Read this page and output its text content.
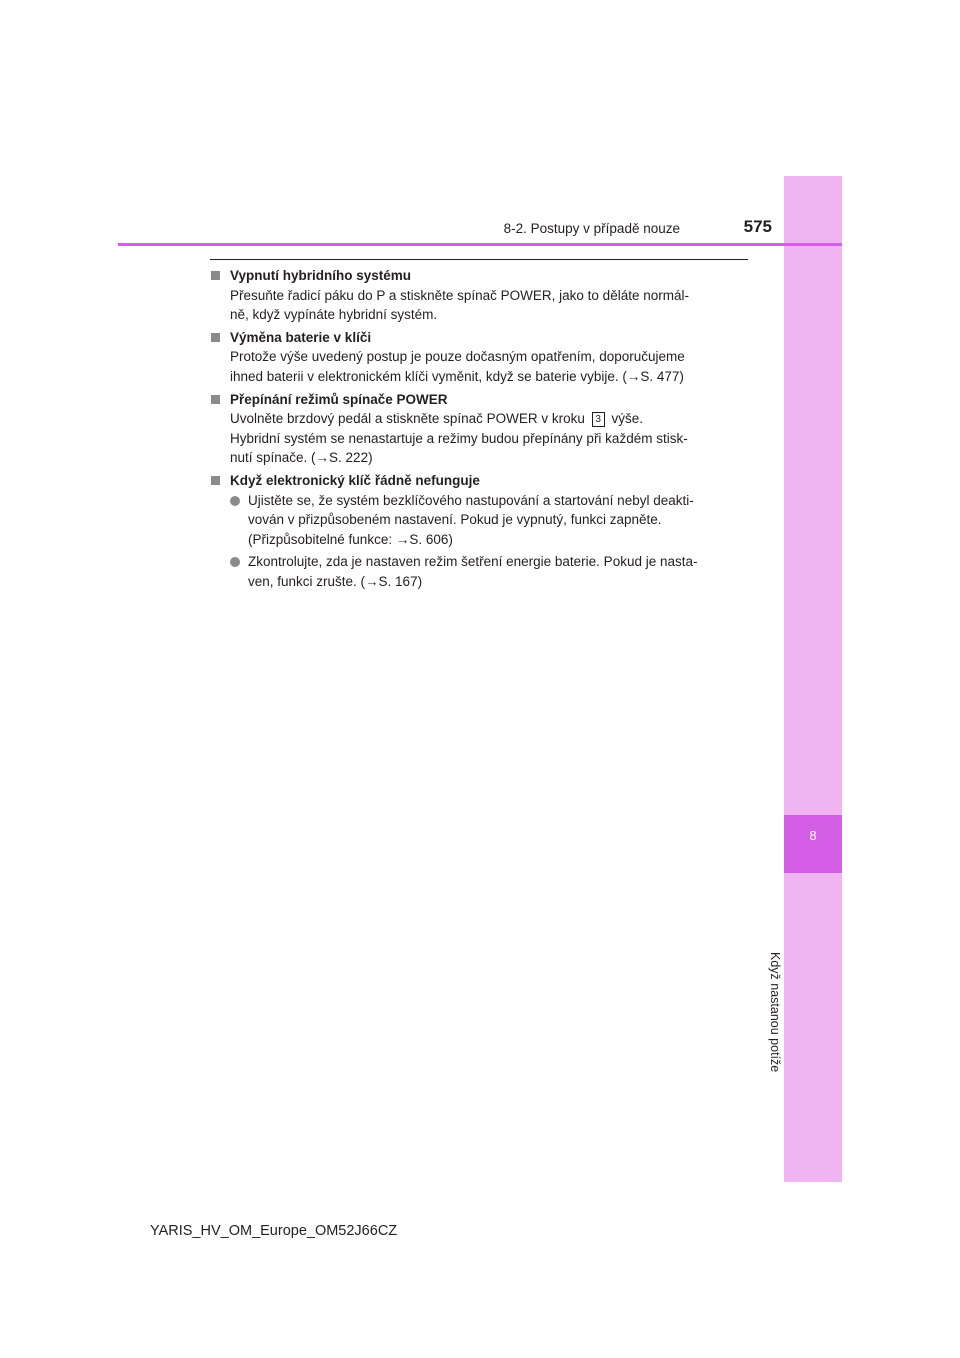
8
Když nastanou potíže
8-2. Postupy v případě nouze	575
Vypnutí hybridního systému
Přesuňte řadicí páku do P a stiskněte spínač POWER, jako to děláte normál-
ně, když vypínáte hybridní systém.
Výměna baterie v klíči
Protože výše uvedený postup je pouze dočasným opatřením, doporučujeme
ihned baterii v elektronickém klíči vyměnit, když se baterie vybije. (→S. 477)
Přepínání režimů spínače POWER
Uvolněte brzdový pedál a stiskněte spínač POWER v kroku 3 výše.
Hybridní systém se nenastartuje a režimy budou přepínány při každém stisk-
nutí spínače. (→S. 222)
Když elektronický klíč řádně nefunguje
Ujistěte se, že systém bezklíčového nastupování a startování nebyl deakti-
vován v přizpůsobeném nastavení. Pokud je vypnutý, funkci zapněte.
(Přizpůsobitelné funkce: →S. 606)
Zkontrolujte, zda je nastaven režim šetření energie baterie. Pokud je nasta-
ven, funkci zrušte. (→S. 167)
YARIS_HV_OM_Europe_OM52J66CZ
